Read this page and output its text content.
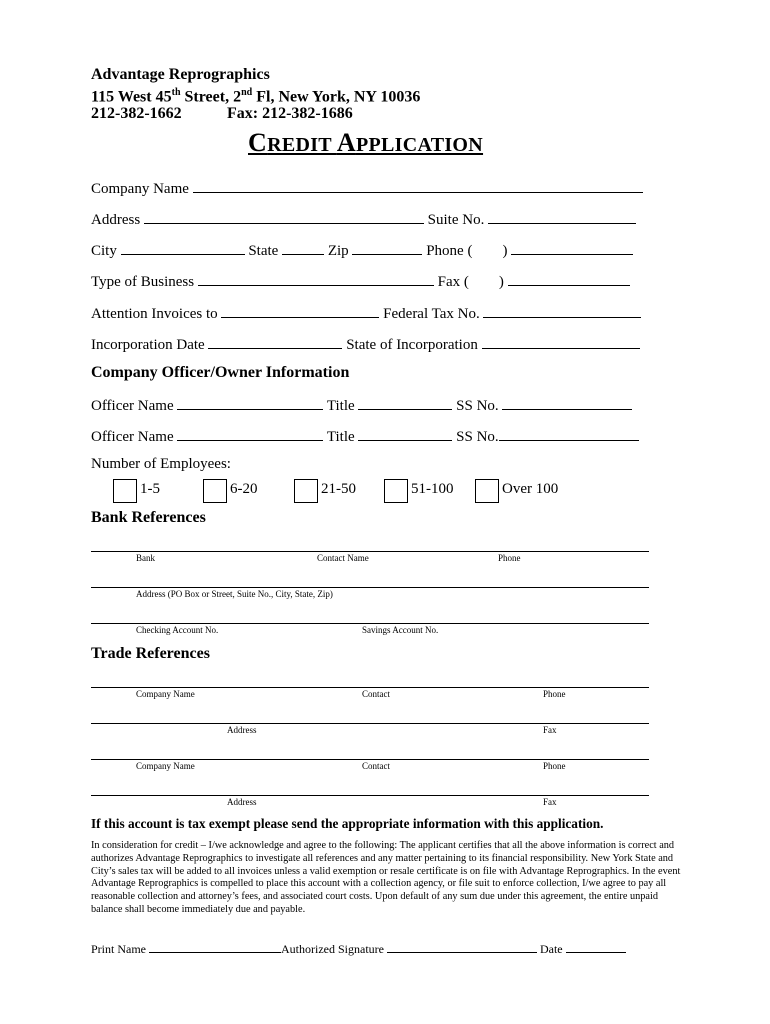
Advantage Reprographics
115 West 45th Street, 2nd Fl, New York, NY 10036
212-382-1662	Fax: 212-382-1686
CREDIT APPLICATION
Company Name
Address	Suite No.
City	State	Zip	Phone ( )
Type of Business	Fax ( )
Attention Invoices to	Federal Tax No.
Incorporation Date	State of Incorporation
Company Officer/Owner Information
Officer Name	Title	SS No.
Officer Name	Title	SS No.
Number of Employees:
1-5	6-20	21-50	51-100	Over 100
Bank References
Bank	Contact Name	Phone
Address (PO Box or Street, Suite No., City, State, Zip)
Checking Account No.	Savings Account No.
Trade References
Company Name	Contact	Phone
Address	Fax
Company Name	Contact	Phone
Address	Fax
If this account is tax exempt please send the appropriate information with this application.
In consideration for credit – I/we acknowledge and agree to the following: The applicant certifies that all the above information is correct and authorizes Advantage Reprographics to investigate all references and any matter pertaining to its financial responsibility. New York State and City’s sales tax will be added to all invoices unless a valid exemption or resale certificate is on file with Advantage Reprographics. In the event Advantage Reprographics is compelled to place this account with a collection agency, or file suit to enforce collection, I/we agree to pay all reasonable collection and attorney’s fees, and associated court costs. Upon default of any sum due under this agreement, the entire unpaid balance shall become immediately due and payable.
Print Name	Authorized Signature	Date
